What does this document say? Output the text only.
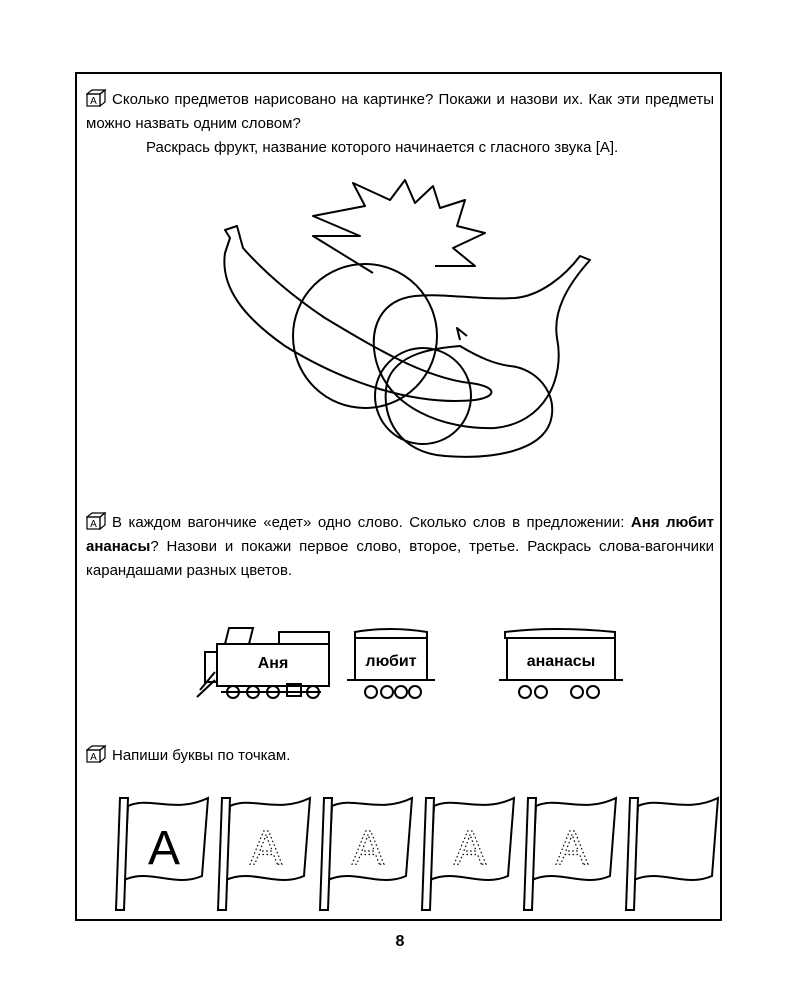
A Сколько предметов нарисовано на картинке? Покажи и назови их. Как эти предметы можно назвать одним словом?

Раскрась фрукт, название которого начинается с гласного звука [А].

A В каждом вагончике «едет» одно слово. Сколько слов в предложении: Аня любит ананасы? Назови и покажи первое слово, второе, третье. Раскрась слова-вагончики карандашами разных цветов.

Аня	любит	ананасы

A Напиши буквы по точкам.

А А А А А
8
